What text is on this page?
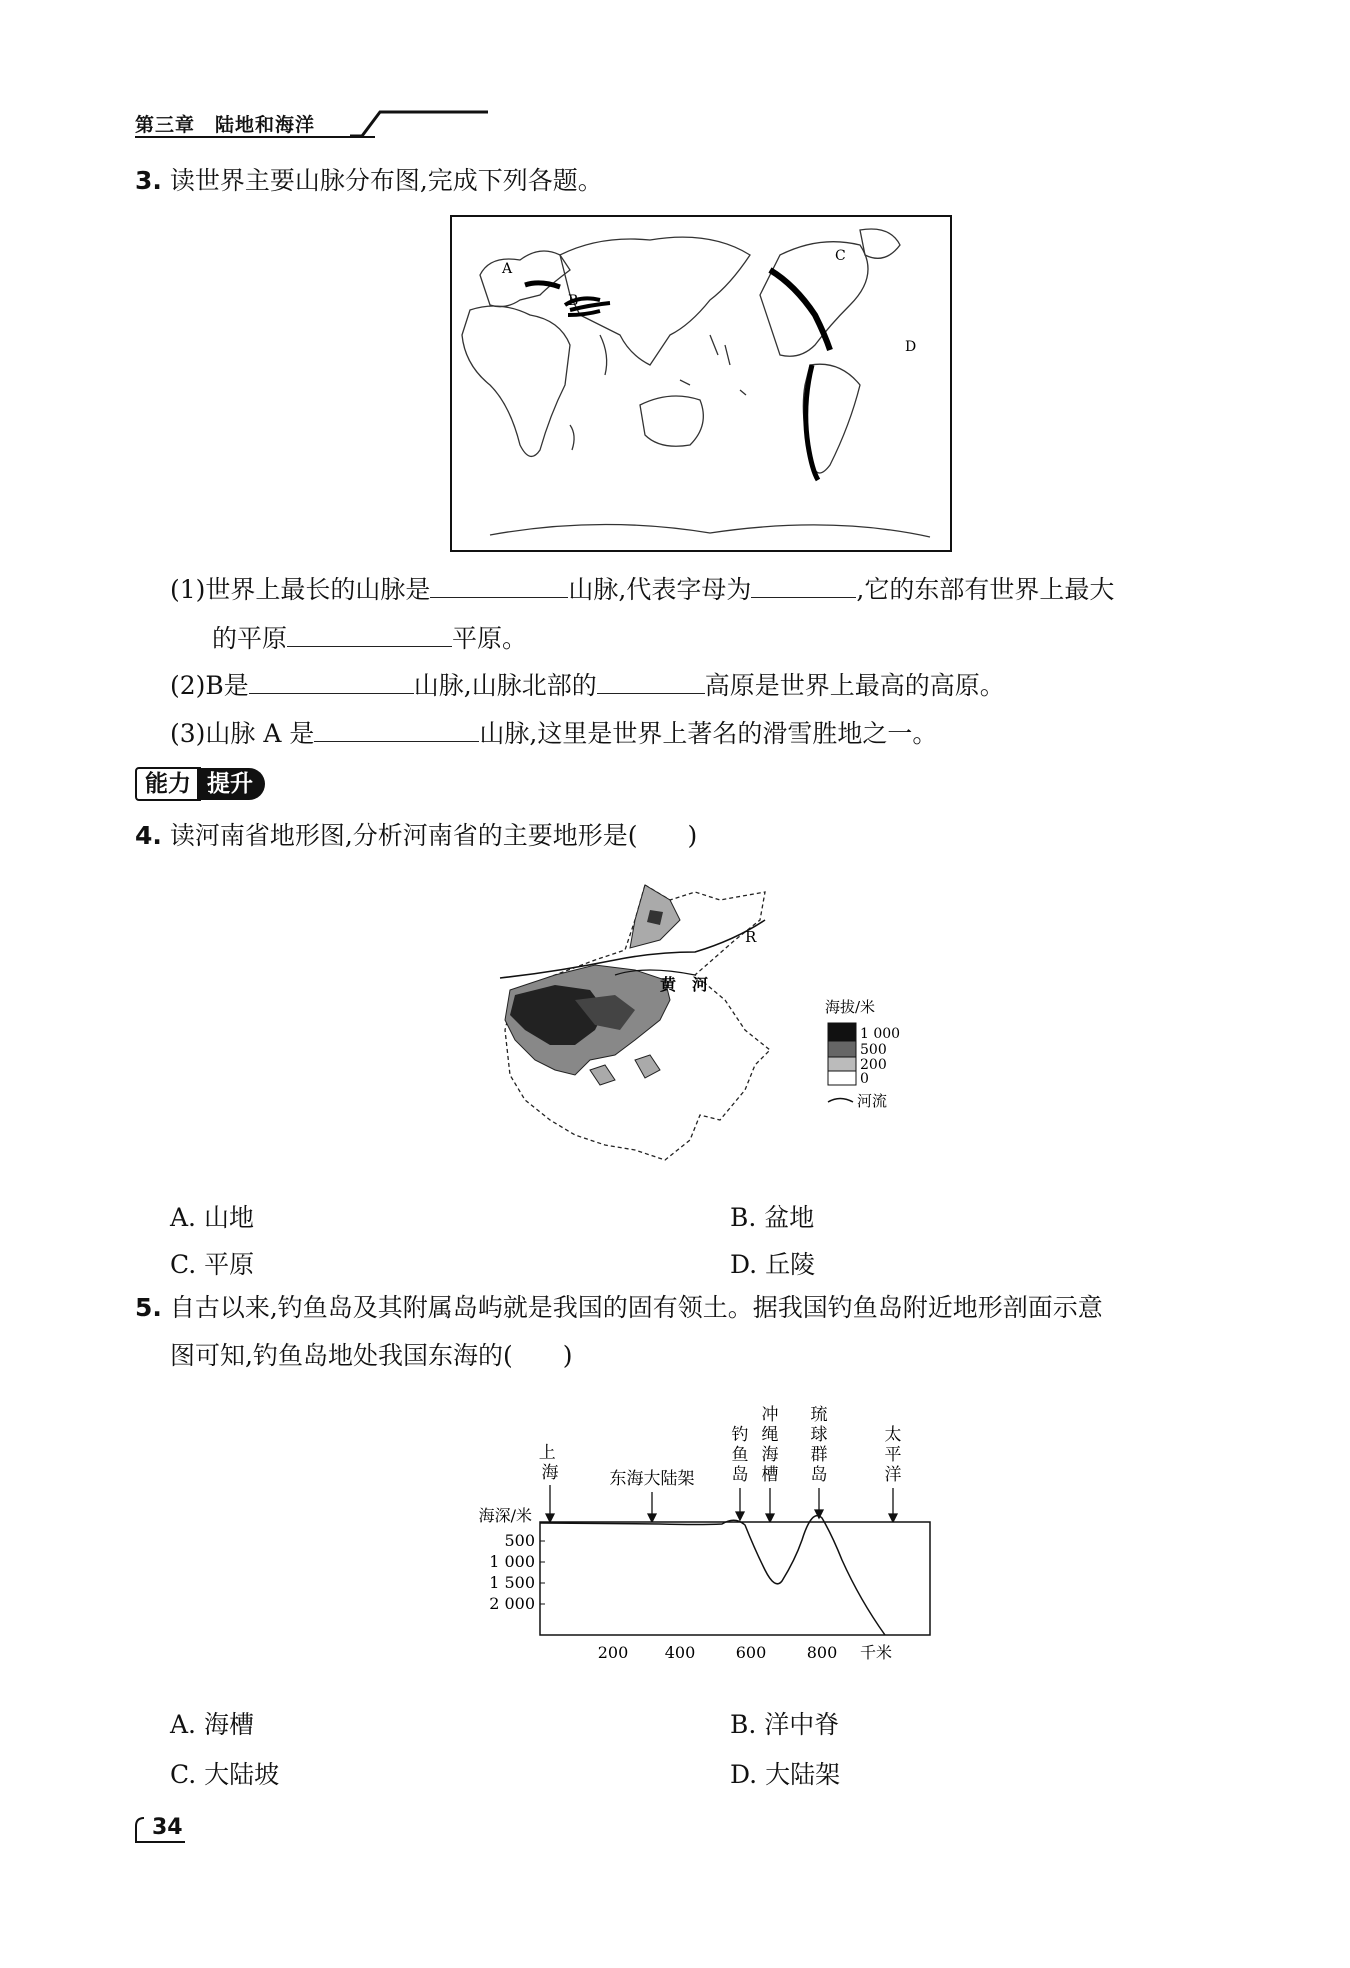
第三章　陆地和海洋
3. 读世界主要山脉分布图,完成下列各题。
A
B
C
D
(1)世界上最长的山脉是	山脉,代表字母为	,它的东部有世界上最大
的平原	平原。
(2)B是	山脉,山脉北部的	高原是世界上最高的高原。
(3)山脉 A 是	山脉,这里是世界上著名的滑雪胜地之一。
能力 提升
4. 读河南省地形图,分析河南省的主要地形是(　　)
黄　河
R
海拔/米
1 000
500
200
0
河流
A. 山地	B. 盆地
C. 平原	D. 丘陵
5. 自古以来,钓鱼岛及其附属岛屿就是我国的固有领土。据我国钓鱼岛附近地形剖面示意
图可知,钓鱼岛地处我国东海的(　　)
上 海	东海大陆架
钓鱼岛
冲绳海槽
琉球群岛
太平洋
海深/米
500
1 000
1 500
2 000
200 400	600	800 千米
A. 海槽	B. 洋中脊
C. 大陆坡	D. 大陆架
34
